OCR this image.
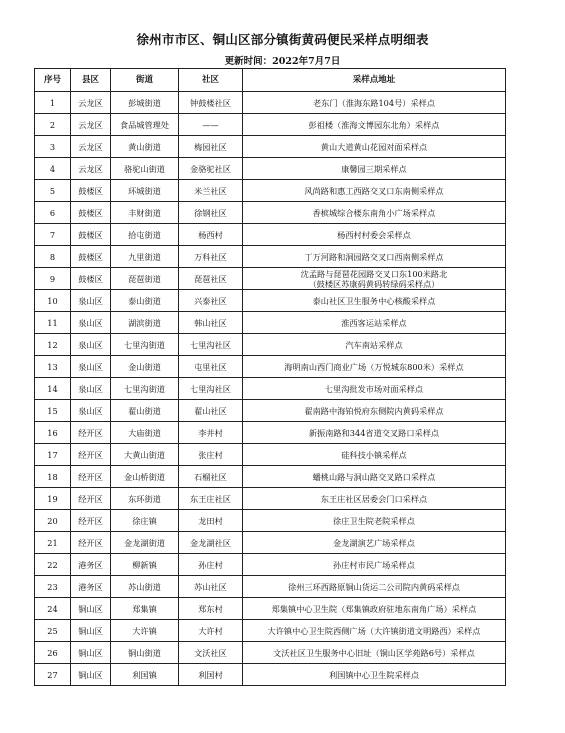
徐州市市区、铜山区部分镇街黄码便民采样点明细表
更新时间：2022年7月7日
序号	县区	街道	社区	采样点地址
1	云龙区	彭城街道	钟鼓楼社区	老东门（淮海东路104号）采样点
2	云龙区	食品城管理处	——	彭祖楼（淮海文博园东北角）采样点
3	云龙区	黄山街道	梅园社区	黄山大道黄山花园对面采样点
4	云龙区	骆驼山街道	金骆驼社区	康馨园三期采样点
5	鼓楼区	环城街道	米兰社区	风尚路和惠工西路交叉口东南侧采样点
6	鼓楼区	丰财街道	徐钢社区	香槟城综合楼东南角小广场采样点
7	鼓楼区	拾屯街道	杨西村	杨西村村委会采样点
8	鼓楼区	九里街道	万科社区	丁万河路和洞园路交叉口西南侧采样点
9	鼓楼区	琵琶街道	琵琶社区	沈孟路与琵琶花园路交叉口东100米路北
（鼓楼区苏康码黄码转绿码采样点）
10	泉山区	泰山街道	兴泰社区	泰山社区卫生服务中心核酸采样点
11	泉山区	湖滨街道	韩山社区	淮西客运站采样点
12	泉山区	七里沟街道	七里沟社区	汽车南站采样点
13	泉山区	金山街道	屯里社区	海明南山西门商业广场（万悦城东800米）采样点
14	泉山区	七里沟街道	七里沟社区	七里沟批发市场对面采样点
15	泉山区	翟山街道	翟山社区	翟南路中海铂悦府东侧院内黄码采样点
16	经开区	大庙街道	李井村	新振南路和344省道交叉路口采样点
17	经开区	大黄山街道	张庄村	硅科技小镇采样点
18	经开区	金山桥街道	石榴社区	蟠桃山路与洞山路交叉路口采样点
19	经开区	东环街道	东王庄社区	东王庄社区居委会门口采样点
20	经开区	徐庄镇	龙田村	徐庄卫生院老院采样点
21	经开区	金龙湖街道	金龙湖社区	金龙湖演艺广场采样点
22	港务区	柳新镇	孙庄村	孙庄村市民广场采样点
23	港务区	苏山街道	苏山社区	徐州三环西路原铜山货运二公司院内黄码采样点
24	铜山区	郑集镇	郑东村	郑集镇中心卫生院（郑集镇政府驻地东南角广场）采样点
25	铜山区	大许镇	大许村	大许镇中心卫生院西侧广场（大许镇街道文明路西）采样点
26	铜山区	铜山街道	文沃社区	文沃社区卫生服务中心旧址（铜山区学苑路6号）采样点
27	铜山区	利国镇	利国村	利国镇中心卫生院采样点
